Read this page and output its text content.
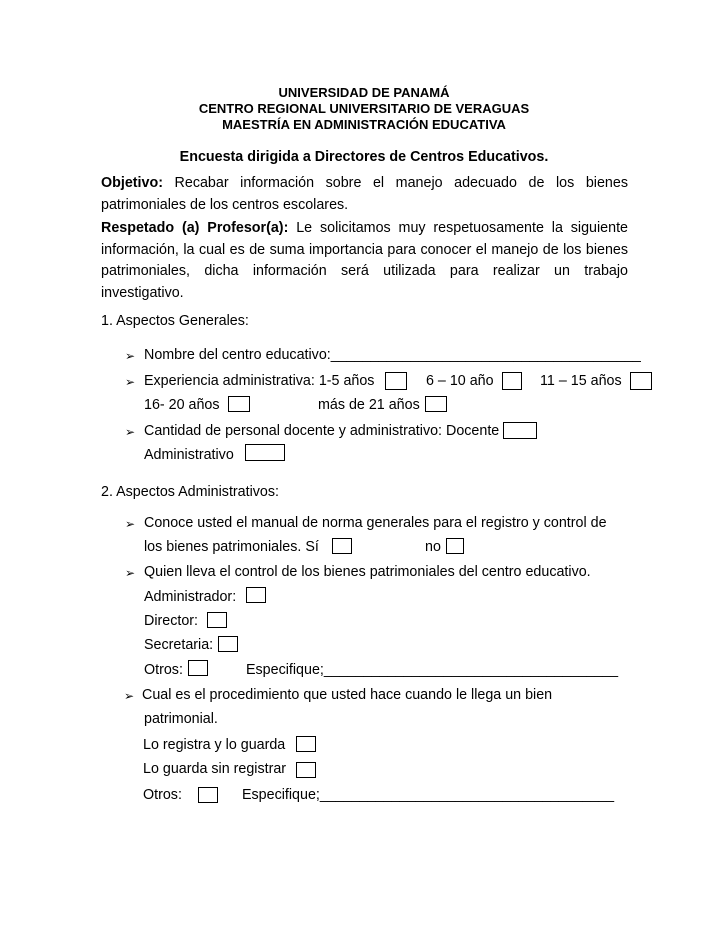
UNIVERSIDAD DE PANAMÁ
CENTRO REGIONAL UNIVERSITARIO DE VERAGUAS
MAESTRÍA EN ADMINISTRACIÓN EDUCATIVA
Encuesta dirigida a Directores de Centros Educativos.
Objetivo: Recabar información sobre el manejo adecuado de los bienes
patrimoniales de los centros escolares.
Respetado (a) Profesor(a): Le solicitamos muy respetuosamente la siguiente
información, la cual es de suma importancia para conocer el manejo de los bienes
patrimoniales, dicha información será utilizada para realizar un trabajo
investigativo.
1. Aspectos Generales:
➢ Nombre del centro educativo:_______________________________________
➢ Experiencia administrativa: 1-5 años	6 – 10 año	11 – 15 años
16- 20 años	más de 21 años
➢ Cantidad de personal docente y administrativo: Docente
Administrativo
2. Aspectos Administrativos:
➢ Conoce usted el manual de norma generales para el registro y control de
los bienes patrimoniales. Sí	no
➢ Quien lleva el control de los bienes patrimoniales del centro educativo.
Administrador:
Director:
Secretaria:
Otros:	Especifique;_____________________________________
➢ Cual es el procedimiento que usted hace cuando le llega un bien
patrimonial.
Lo registra y lo guarda
Lo guarda sin registrar
Otros:	Especifique;_____________________________________
